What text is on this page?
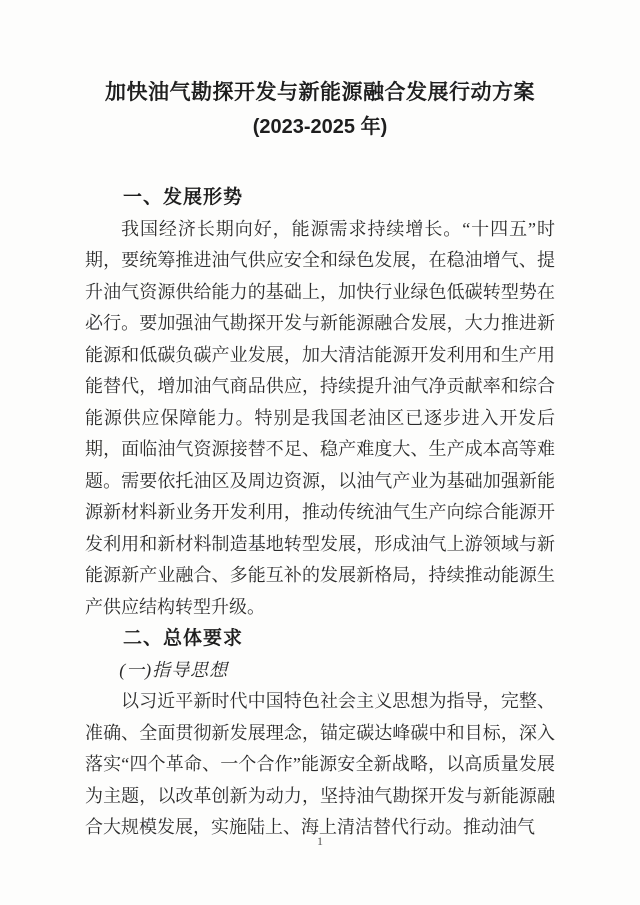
加快油气勘探开发与新能源融合发展行动方案
(2023-2025 年)
一、发展形势

我国经济长期向好，能源需求持续增长。“十四五”时期，要统筹推进油气供应安全和绿色发展，在稳油增气、提升油气资源供给能力的基础上，加快行业绿色低碳转型势在必行。要加强油气勘探开发与新能源融合发展，大力推进新能源和低碳负碳产业发展，加大清洁能源开发利用和生产用能替代，增加油气商品供应，持续提升油气净贡献率和综合能源供应保障能力。特别是我国老油区已逐步进入开发后期，面临油气资源接替不足、稳产难度大、生产成本高等难题。需要依托油区及周边资源，以油气产业为基础加强新能源新材料新业务开发利用，推动传统油气生产向综合能源开发利用和新材料制造基地转型发展，形成油气上游领域与新能源新产业融合、多能互补的发展新格局，持续推动能源生产供应结构转型升级。

二、总体要求
(一)指导思想

以习近平新时代中国特色社会主义思想为指导，完整、准确、全面贯彻新发展理念，锚定碳达峰碳中和目标，深入落实“四个革命、一个合作”能源安全新战略，以高质量发展为主题，以改革创新为动力，坚持油气勘探开发与新能源融合大规模发展，实施陆上、海上清洁替代行动。推动油气

1
